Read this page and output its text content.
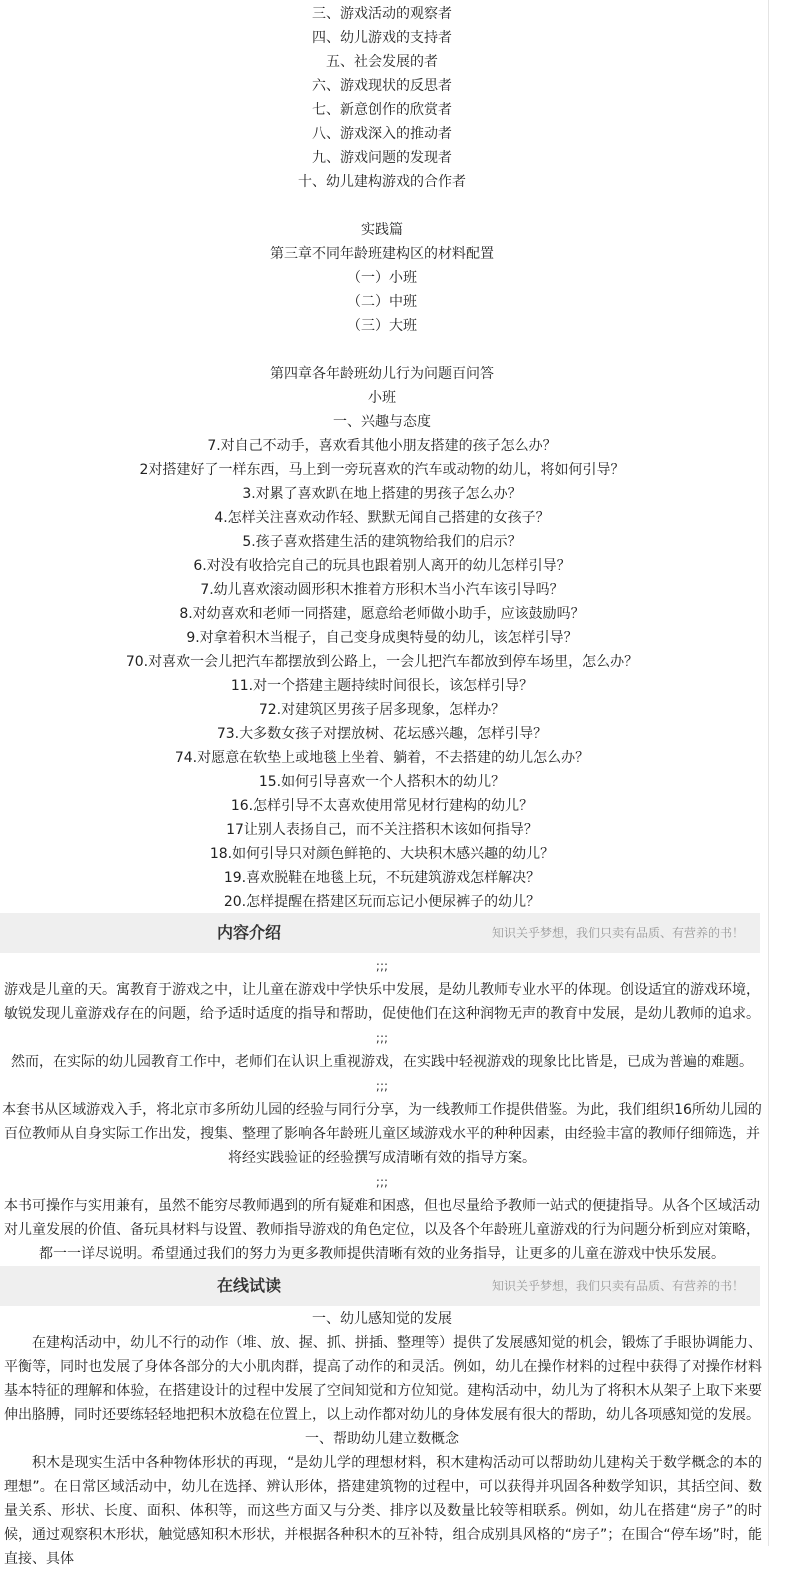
三、游戏活动的观察者
四、幼儿游戏的支持者
五、社会发展的者
六、游戏现状的反思者
七、新意创作的欣赏者
八、游戏深入的推动者
九、游戏问题的发现者
十、幼儿建构游戏的合作者
实践篇
第三章不同年龄班建构区的材料配置
（一）小班
（二）中班
（三）大班
第四章各年龄班幼儿行为问题百问答
小班
一、兴趣与态度
7.对自己不动手，喜欢看其他小朋友搭建的孩子怎么办？
2对搭建好了一样东西，马上到一旁玩喜欢的汽车或动物的幼儿，将如何引导？
3.对累了喜欢趴在地上搭建的男孩子怎么办？
4.怎样关注喜欢动作轻、默默无闻自己搭建的女孩子？
5.孩子喜欢搭建生活的建筑物给我们的启示？
6.对没有收拾完自己的玩具也跟着别人离开的幼儿怎样引导？
7.幼儿喜欢滚动圆形积木推着方形积木当小汽车该引导吗？
8.对幼喜欢和老师一同搭建，愿意给老师做小助手，应该鼓励吗？
9.对拿着积木当棍子，自己变身成奥特曼的幼儿，该怎样引导？
70.对喜欢一会儿把汽车都摆放到公路上，一会儿把汽车都放到停车场里，怎么办？
11.对一个搭建主题持续时间很长，该怎样引导？
72.对建筑区男孩子居多现象，怎样办？
73.大多数女孩子对摆放树、花坛感兴趣，怎样引导？
74.对愿意在软垫上或地毯上坐着、躺着，不去搭建的幼儿怎么办？
15.如何引导喜欢一个人搭积木的幼儿？
16.怎样引导不太喜欢使用常见材行建构的幼儿？
17让别人表扬自己，而不关注搭积木该如何指导？
18.如何引导只对颜色鲜艳的、大块积木感兴趣的幼儿？
19.喜欢脱鞋在地毯上玩，不玩建筑游戏怎样解决？
20.怎样提醒在搭建区玩而忘记小便尿裤子的幼儿？
内容介绍	知识关乎梦想，我们只卖有品质、有营养的书！
;;;
游戏是儿童的天。寓教育于游戏之中，让儿童在游戏中学快乐中发展，是幼儿教师专业水平的体现。创设适宜的游戏环境，敏锐发现儿童游戏存在的问题，给予适时适度的指导和帮助，促使他们在这种润物无声的教育中发展，是幼儿教师的追求。
;;;
然而，在实际的幼儿园教育工作中，老师们在认识上重视游戏，在实践中轻视游戏的现象比比皆是，已成为普遍的难题。
;;;
本套书从区域游戏入手，将北京市多所幼儿园的经验与同行分享，为一线教师工作提供借鉴。为此，我们组织16所幼儿园的百位教师从自身实际工作出发，搜集、整理了影响各年龄班儿童区域游戏水平的种种因素，由经验丰富的教师仔细筛选，并将经实践验证的经验撰写成清晰有效的指导方案。
;;;
本书可操作与实用兼有，虽然不能穷尽教师遇到的所有疑难和困惑，但也尽量给予教师一站式的便捷指导。从各个区域活动对儿童发展的价值、备玩具材料与设置、教师指导游戏的角色定位，以及各个年龄班儿童游戏的行为问题分析到应对策略，都一一详尽说明。希望通过我们的努力为更多教师提供清晰有效的业务指导，让更多的儿童在游戏中快乐发展。
在线试读	知识关乎梦想，我们只卖有品质、有营养的书！
一、幼儿感知觉的发展
在建构活动中，幼儿不行的动作（堆、放、握、抓、拼插、整理等）提供了发展感知觉的机会，锻炼了手眼协调能力、平衡等，同时也发展了身体各部分的大小肌肉群，提高了动作的和灵活。例如，幼儿在操作材料的过程中获得了对操作材料基本特征的理解和体验，在搭建设计的过程中发展了空间知觉和方位知觉。建构活动中，幼儿为了将积木从架子上取下来要伸出胳膊，同时还要练轻轻地把积木放稳在位置上，以上动作都对幼儿的身体发展有很大的帮助，幼儿各项感知觉的发展。
一、帮助幼儿建立数概念
积木是现实生活中各种物体形状的再现，“是幼儿学的理想材料，积木建构活动可以帮助幼儿建构关于数学概念的本的理想”。在日常区域活动中，幼儿在选择、辨认形体，搭建建筑物的过程中，可以获得并巩固各种数学知识，其括空间、数量关系、形状、长度、面积、体积等，而这些方面又与分类、排序以及数量比较等相联系。例如，幼儿在搭建“房子”的时候，通过观察积木形状，触觉感知积木形状，并根据各种积木的互补特，组合成别具风格的“房子”；在围合“停车场”时，能直接、具体
